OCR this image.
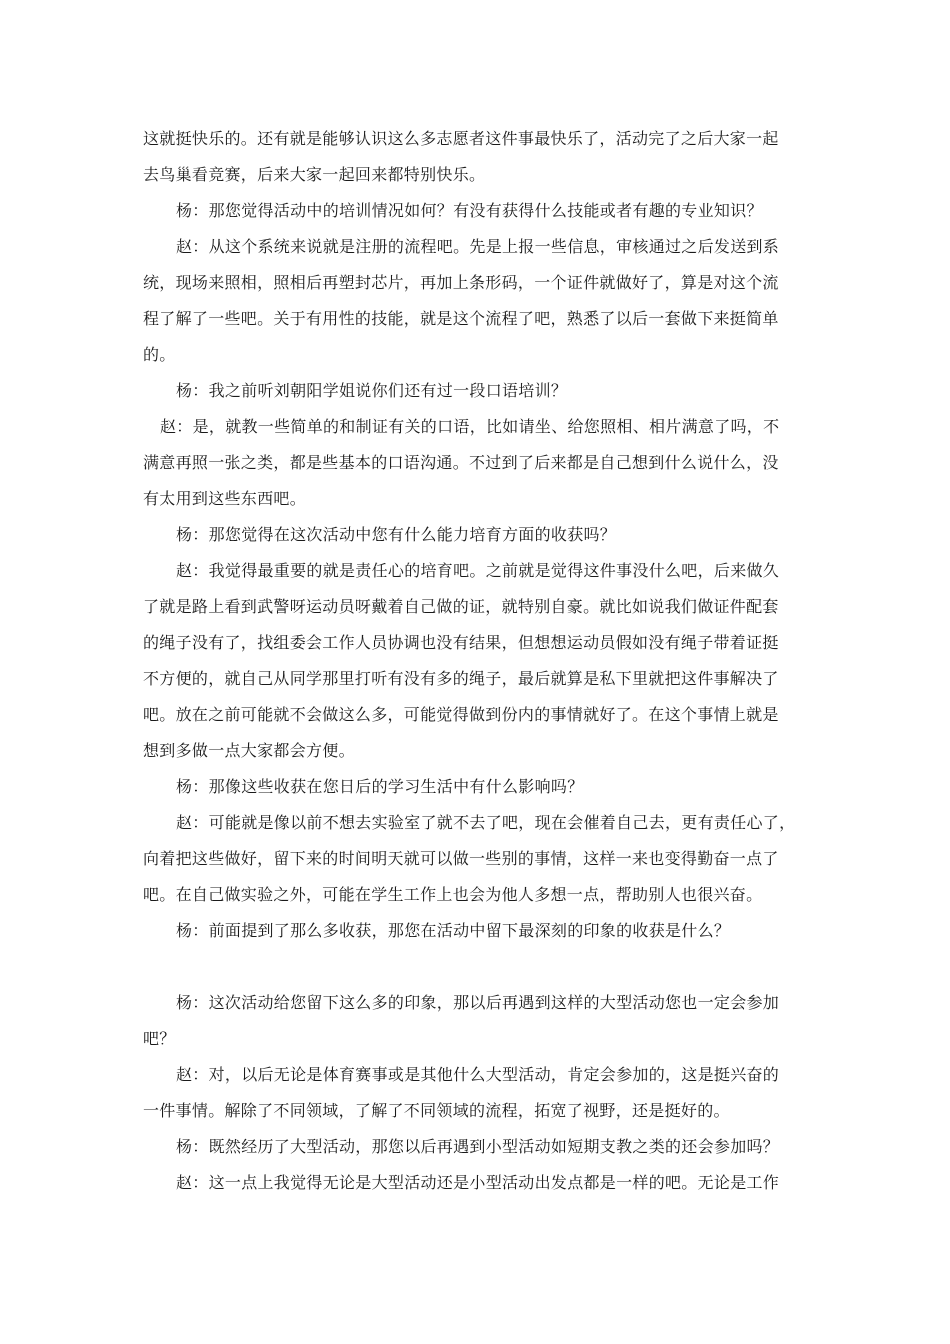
这就挺快乐的。还有就是能够认识这么多志愿者这件事最快乐了，活动完了之后大家一起

去鸟巢看竞赛，后来大家一起回来都特别快乐。

杨：那您觉得活动中的培训情况如何？有没有获得什么技能或者有趣的专业知识？

赵：从这个系统来说就是注册的流程吧。先是上报一些信息，审核通过之后发送到系

统，现场来照相，照相后再塑封芯片，再加上条形码，一个证件就做好了，算是对这个流

程了解了一些吧。关于有用性的技能，就是这个流程了吧，熟悉了以后一套做下来挺简单

的。

杨：我之前听刘朝阳学姐说你们还有过一段口语培训？

赵：是，就教一些简单的和制证有关的口语，比如请坐、给您照相、相片满意了吗，不

满意再照一张之类，都是些基本的口语沟通。不过到了后来都是自己想到什么说什么，没

有太用到这些东西吧。

杨：那您觉得在这次活动中您有什么能力培育方面的收获吗？

赵：我觉得最重要的就是责任心的培育吧。之前就是觉得这件事没什么吧，后来做久

了就是路上看到武警呀运动员呀戴着自己做的证，就特别自豪。就比如说我们做证件配套

的绳子没有了，找组委会工作人员协调也没有结果，但想想运动员假如没有绳子带着证挺

不方便的，就自己从同学那里打听有没有多的绳子，最后就算是私下里就把这件事解决了

吧。放在之前可能就不会做这么多，可能觉得做到份内的事情就好了。在这个事情上就是

想到多做一点大家都会方便。

杨：那像这些收获在您日后的学习生活中有什么影响吗？

赵：可能就是像以前不想去实验室了就不去了吧，现在会催着自己去，更有责任心了，

向着把这些做好，留下来的时间明天就可以做一些别的事情，这样一来也变得勤奋一点了

吧。在自己做实验之外，可能在学生工作上也会为他人多想一点，帮助别人也很兴奋。

杨：前面提到了那么多收获，那您在活动中留下最深刻的印象的收获是什么？

杨：这次活动给您留下这么多的印象，那以后再遇到这样的大型活动您也一定会参加

吧？

赵：对，以后无论是体育赛事或是其他什么大型活动，肯定会参加的，这是挺兴奋的

一件事情。解除了不同领域，了解了不同领域的流程，拓宽了视野，还是挺好的。

杨：既然经历了大型活动，那您以后再遇到小型活动如短期支教之类的还会参加吗？

赵：这一点上我觉得无论是大型活动还是小型活动出发点都是一样的吧。无论是工作
